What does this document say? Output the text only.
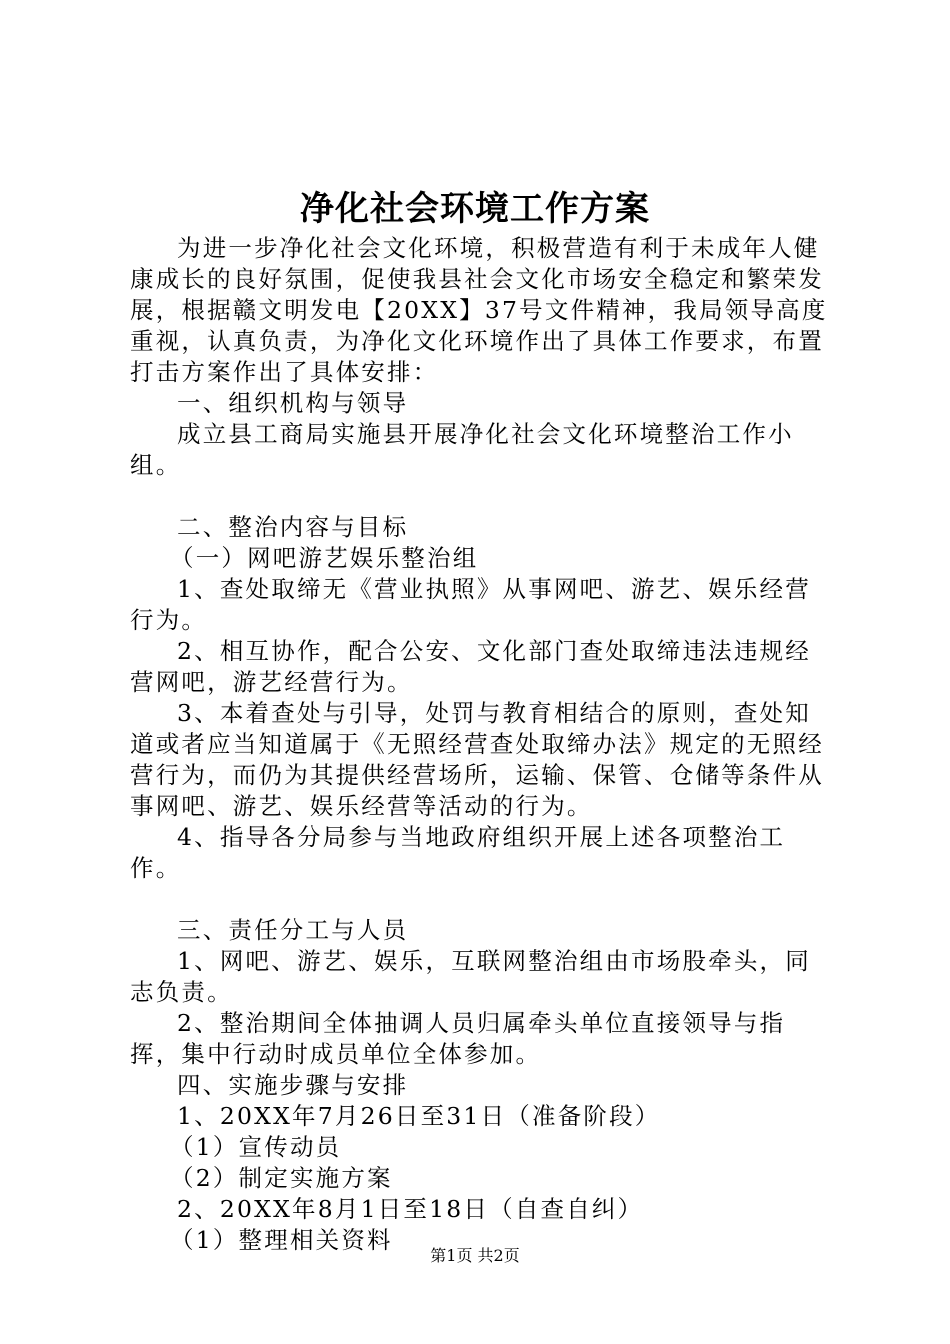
净化社会环境工作方案

为进一步净化社会文化环境，积极营造有利于未成年人健康成长的良好氛围，促使我县社会文化市场安全稳定和繁荣发展，根据赣文明发电【20XX】37号文件精神，我局领导高度重视，认真负责，为净化文化环境作出了具体工作要求，布置打击方案作出了具体安排：

一、组织机构与领导

成立县工商局实施县开展净化社会文化环境整治工作小组。

二、整治内容与目标

（一）网吧游艺娱乐整治组

1、查处取缔无《营业执照》从事网吧、游艺、娱乐经营行为。

2、相互协作，配合公安、文化部门查处取缔违法违规经营网吧，游艺经营行为。

3、本着查处与引导，处罚与教育相结合的原则，查处知道或者应当知道属于《无照经营查处取缔办法》规定的无照经营行为，而仍为其提供经营场所，运输、保管、仓储等条件从事网吧、游艺、娱乐经营等活动的行为。

4、指导各分局参与当地政府组织开展上述各项整治工作。

三、责任分工与人员

1、网吧、游艺、娱乐，互联网整治组由市场股牵头，同志负责。

2、整治期间全体抽调人员归属牵头单位直接领导与指挥，集中行动时成员单位全体参加。

四、实施步骤与安排

1、20XX年7月26日至31日（准备阶段）

（1）宣传动员

（2）制定实施方案

2、20XX年8月1日至18日（自查自纠）

（1）整理相关资料

第1页 共2页
